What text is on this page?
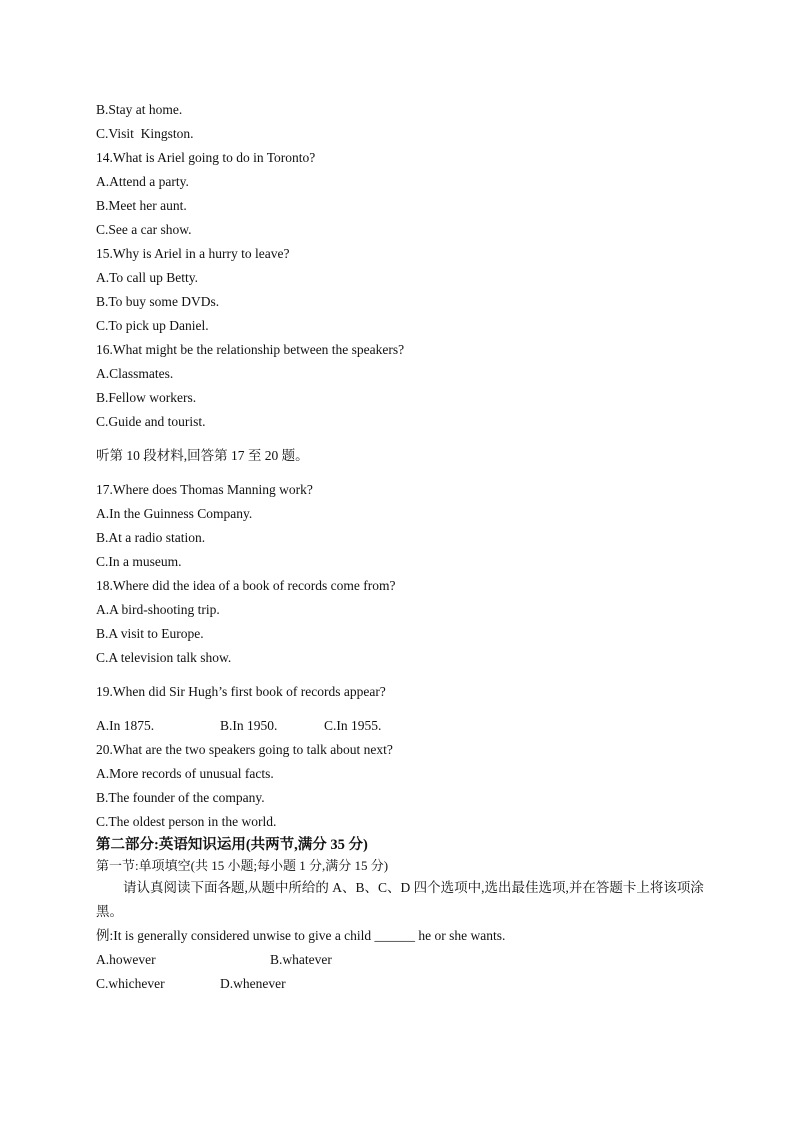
B.Stay at home.
C.Visit  Kingston.
14.What is Ariel going to do in Toronto?
A.Attend a party.
B.Meet her aunt.
C.See a car show.
15.Why is Ariel in a hurry to leave?
A.To call up Betty.
B.To buy some DVDs.
C.To pick up Daniel.
16.What might be the relationship between the speakers?
A.Classmates.
B.Fellow workers.
C.Guide and tourist.
听第 10 段材料,回答第 17 至 20 题。
17.Where does Thomas Manning work?
A.In the Guinness Company.
B.At a radio station.
C.In a museum.
18.Where did the idea of a book of records come from?
A.A bird-shooting trip.
B.A visit to Europe.
C.A television talk show.
19.When did Sir Hugh’s first book of records appear?
A.In 1875.	B.In 1950.	C.In 1955.
20.What are the two speakers going to talk about next?
A.More records of unusual facts.
B.The founder of the company.
C.The oldest person in the world.
第二部分:英语知识运用(共两节,满分 35 分)
第一节:单项填空(共 15 小题;每小题 1 分,满分 15 分)
请认真阅读下面各题,从题中所给的 A、B、C、D 四个选项中,选出最佳选项,并在答题卡上将该项涂黑。
例:It is generally considered unwise to give a child ______ he or she wants.
A.however	B.whatever
C.whichever	D.whenever
